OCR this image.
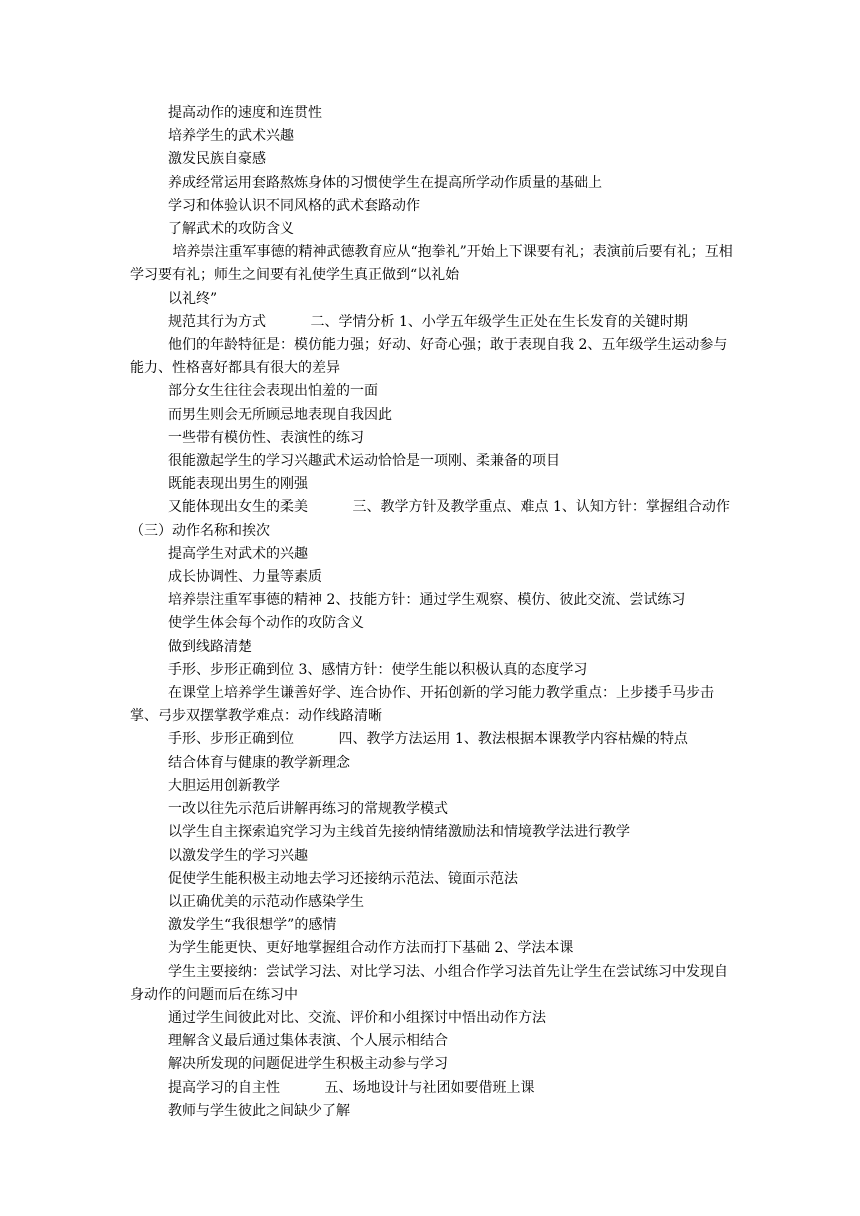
提高动作的速度和连贯性

培养学生的武术兴趣

激发民族自豪感

养成经常运用套路熬炼身体的习惯使学生在提高所学动作质量的基础上

学习和体验认识不同风格的武术套路动作

了解武术的攻防含义

培养崇注重军事德的精神武德教育应从“抱拳礼”开始上下课要有礼；表演前后要有礼；互相学习要有礼；师生之间要有礼使学生真正做到“以礼始

以礼终”

规范其行为方式          二、学情分析 1、小学五年级学生正处在生长发育的关键时期

他们的年龄特征是：模仿能力强；好动、好奇心强；敢于表现自我 2、五年级学生运动参与能力、性格喜好都具有很大的差异

部分女生往往会表现出怕羞的一面

而男生则会无所顾忌地表现自我因此

一些带有模仿性、表演性的练习

很能激起学生的学习兴趣武术运动恰恰是一项刚、柔兼备的项目

既能表现出男生的刚强

又能体现出女生的柔美          三、教学方针及教学重点、难点 1、认知方针：掌握组合动作（三）动作名称和挨次

提高学生对武术的兴趣

成长协调性、力量等素质

培养崇注重军事德的精神 2、技能方针：通过学生观察、模仿、彼此交流、尝试练习

使学生体会每个动作的攻防含义

做到线路清楚

手形、步形正确到位 3、感情方针：使学生能以积极认真的态度学习

在课堂上培养学生谦善好学、连合协作、开拓创新的学习能力教学重点：上步搂手马步击掌、弓步双摆掌教学难点：动作线路清晰

手形、步形正确到位          四、教学方法运用 1、教法根据本课教学内容枯燥的特点

结合体育与健康的教学新理念

大胆运用创新教学

一改以往先示范后讲解再练习的常规教学模式

以学生自主探索追究学习为主线首先接纳情绪激励法和情境教学法进行教学

以激发学生的学习兴趣

促使学生能积极主动地去学习还接纳示范法、镜面示范法

以正确优美的示范动作感染学生

激发学生“我很想学”的感情

为学生能更快、更好地掌握组合动作方法而打下基础 2、学法本课

学生主要接纳：尝试学习法、对比学习法、小组合作学习法首先让学生在尝试练习中发现自身动作的问题而后在练习中

通过学生间彼此对比、交流、评价和小组探讨中悟出动作方法

理解含义最后通过集体表演、个人展示相结合

解决所发现的问题促进学生积极主动参与学习

提高学习的自主性          五、场地设计与社团如要借班上课

教师与学生彼此之间缺少了解
